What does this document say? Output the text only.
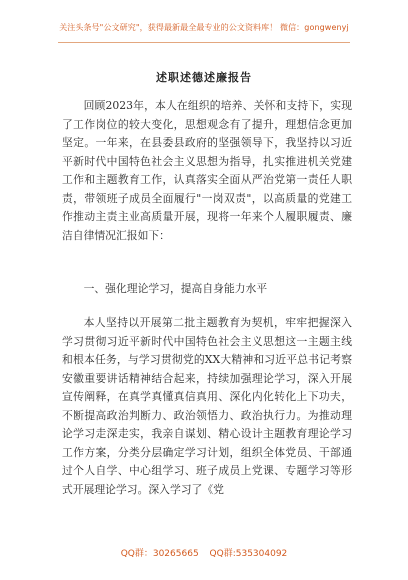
关注头条号"公文研究"，获得最新最全最专业的公文资料库！ 微信：gongwenyj
述职述德述廉报告

回顾2023年，本人在组织的培养、关怀和支持下，实现了工作岗位的较大变化，思想观念有了提升，理想信念更加坚定。一年来，在县委县政府的坚强领导下，我坚持以习近平新时代中国特色社会主义思想为指导，扎实推进机关党建工作和主题教育工作，认真落实全面从严治党第一责任人职责，带领班子成员全面履行"一岗双责"，以高质量的党建工作推动主责主业高质量开展，现将一年来个人履职履责、廉洁自律情况汇报如下：

一、强化理论学习，提高自身能力水平

本人坚持以开展第二批主题教育为契机，牢牢把握深入学习贯彻习近平新时代中国特色社会主义思想这一主题主线和根本任务，与学习贯彻党的XX大精神和习近平总书记考察安徽重要讲话精神结合起来，持续加强理论学习，深入开展宣传阐释，在真学真懂真信真用、深化内化转化上下功夫，不断提高政治判断力、政治领悟力、政治执行力。为推动理论学习走深走实，我亲自谋划、精心设计主题教育理论学习工作方案，分类分层确定学习计划，组织全体党员、干部通过个人自学、中心组学习、班子成员上党课、专题学习等形式开展理论学习。深入学习了《党

QQ群：30265665 QQ群:535304092
